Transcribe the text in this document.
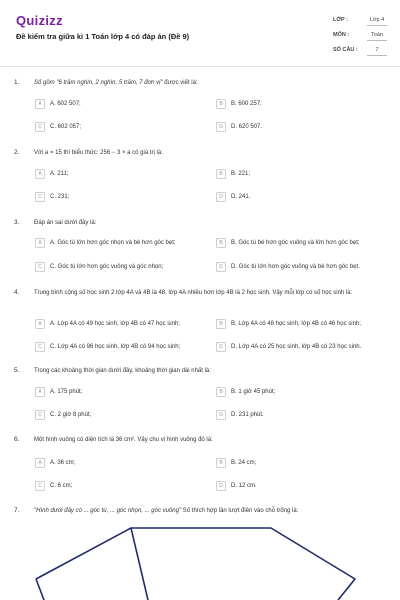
Quizizz
Đề kiểm tra giữa kì 1 Toán lớp 4 có đáp án (Đề 9)
LỚP :	Lớp 4
MÔN :	Toán
SỐ CÂU :	7
1. Số gồm "6 trăm nghìn, 2 nghìn, 5 trăm, 7 đơn vị" được viết là:
A	A. 602 507;	B	B. 600 257;
C	C. 602 057;	D	D. 620 507.
2. Với a = 15 thì biểu thức: 256 − 3 × a có giá trị là:
A	A. 211;	B	B. 221;
C	C. 231;	D	D. 241.
3. Đáp án sai dưới đây là:
A	A. Góc tù lớn hơn góc nhọn và bé hơn góc bẹt;	B	B. Góc tù bé hơn góc vuông và lớn hơn góc bẹt;
C	C. Góc tù lớn hơn góc vuông và góc nhọn;	D	D. Góc tù lớn hơn góc vuông và bé hơn góc bẹt.
4. Trung bình cộng số học sinh 2 lớp 4A và 4B là 48, lớp 4A nhiều hơn lớp 4B là 2 học sinh. Vậy mỗi lớp có số học sinh là:
A	A. Lớp 4A có 49 học sinh, lớp 4B có 47 học sinh;	B	B. Lớp 4A có 48 học sinh, lớp 4B có 46 học sinh;
C	C. Lớp 4A có 96 học sinh, lớp 4B có 94 học sinh;	D	D. Lớp 4A có 25 học sinh, lớp 4B có 23 học sinh.
5. Trong các khoảng thời gian dưới đây, khoảng thời gian dài nhất là:
A	A. 175 phút;	B	B. 1 giờ 45 phút;
C	C. 2 giờ 8 phút;	D	D. 231 phút.
6. Một hình vuông có diện tích là 36 cm². Vậy chu vi hình vuông đó là:
A	A. 36 cm;	B	B. 24 cm;
C	C. 6 cm;	D	D. 12 cm.
7. "Hình dưới đây có ... góc tù, ... góc nhọn, ... góc vuông" Số thích hợp lần lượt điền vào chỗ trống là:
